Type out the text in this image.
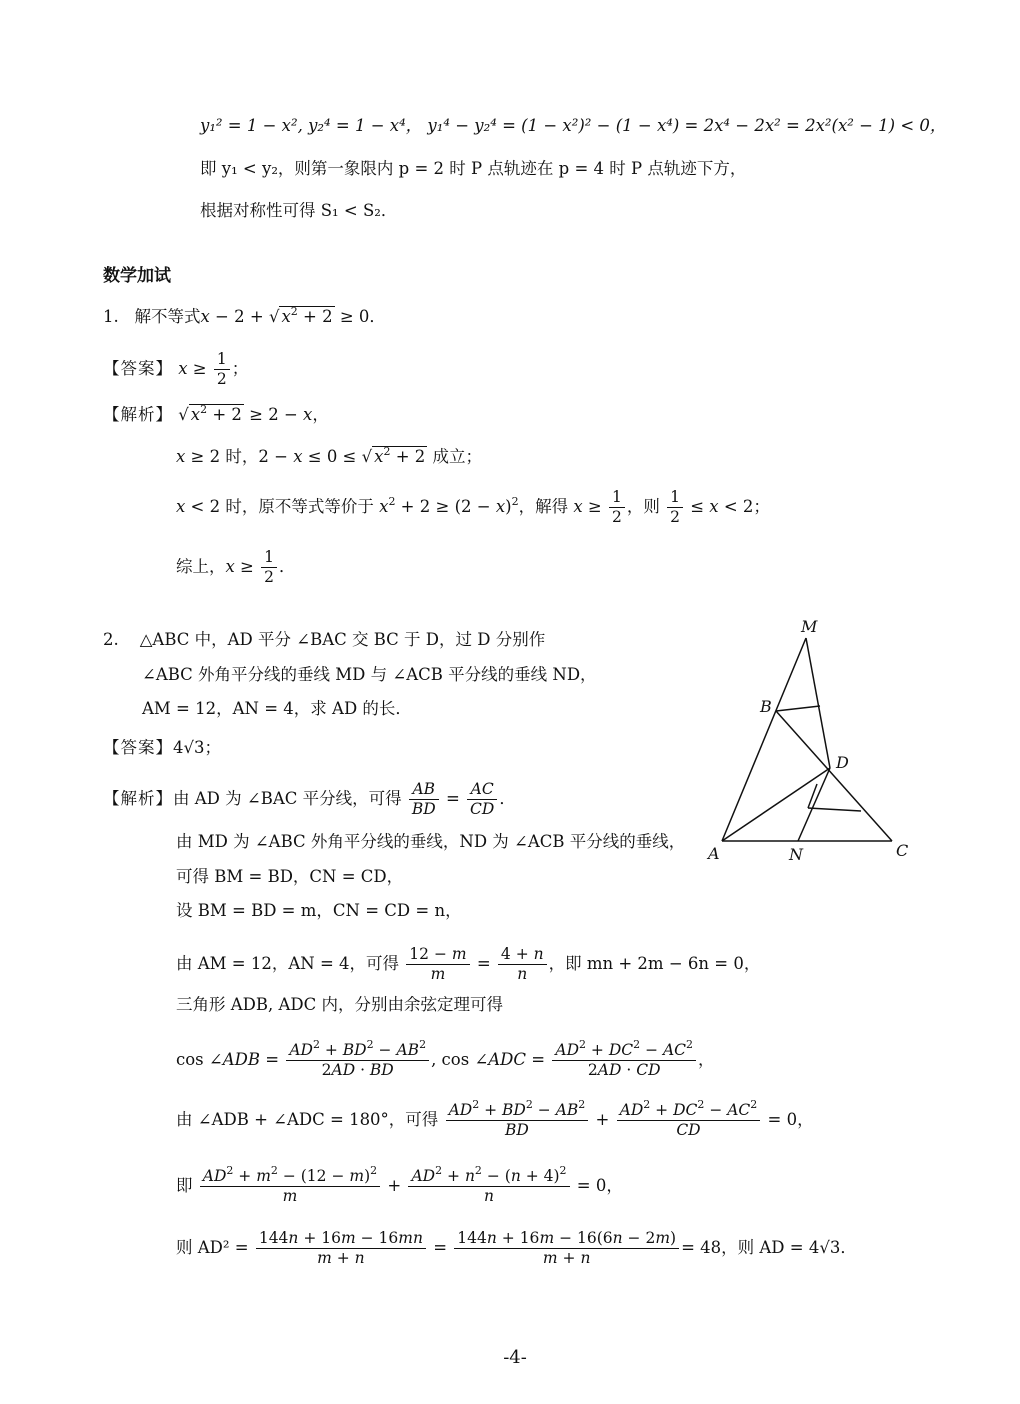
y₁² = 1 − x², y₂⁴ = 1 − x⁴， y₁⁴ − y₂⁴ = (1 − x²)² − (1 − x⁴) = 2x⁴ − 2x² = 2x²(x² − 1) < 0，
即 y₁ < y₂，则第一象限内 p = 2 时 P 点轨迹在 p = 4 时 P 点轨迹下方，
根据对称性可得 S₁ < S₂．
数学加试
1. 解不等式x − 2 + √ $x^2 + 2 \ge 0$．
【答案】 $x \ge \frac{1}{2}$ ；
【解析】 √ $x^2 + 2 \ge 2 - x$，
x ≥ 2 时，2 − x ≤ 0 ≤ √ $x^2 + 2$ 成立；
x < 2 时，原不等式等价于 $x^2 + 2 \ge (2 - x)^2$，解得 $x \ge \frac{1}{2}$ ，则 $\frac{1}{2} \le x < 2$；
综上，$x \ge \frac{1}{2}$ ．
2. △ABC 中，AD 平分 ∠BAC 交 BC 于 D，过 D 分别作
∠ABC 外角平分线的垂线 MD 与 ∠ACB 平分线的垂线 ND，
AM = 12，AN = 4，求 AD 的长．
【答案】4√3；
【解析】由 AD 为 ∠BAC 平分线，可得 $\frac{AB}{BD} = \frac{AC}{CD}$ ．
由 MD 为 ∠ABC 外角平分线的垂线，ND 为 ∠ACB 平分线的垂线，
可得 BM = BD，CN = CD，
设 BM = BD = m，CN = CD = n，
由 AM = 12，AN = 4，可得 $\frac{12 - m}{m} = \frac{4 + n}{n}$ ，即 mn + 2m − 6n = 0，
三角形 ADB, ADC 内，分别由余弦定理可得
cos ∠ADB = $\frac{AD^2 + BD^2 - AB^2}{2AD \cdot BD}$ , cos ∠ADC = $\frac{AD^2 + DC^2 - AC^2}{2AD \cdot CD}$ ，
由 ∠ADB + ∠ADC = 180°，可得 $\frac{AD^2 + BD^2 - AB^2}{BD} + \frac{AD^2 + DC^2 - AC^2}{CD} = 0$，
即 $\frac{AD^2 + m^2 - (12 - m)^2}{m} + \frac{AD^2 + n^2 - (n + 4)^2}{n} = 0$，
则 $AD^2 = \frac{144n + 16m - 16mn}{m + n} = \frac{144n + 16m - 16(6n - 2m)}{m + n} = 48$，则 AD = 4√3．
M
B
D
A	N	C
-4-
